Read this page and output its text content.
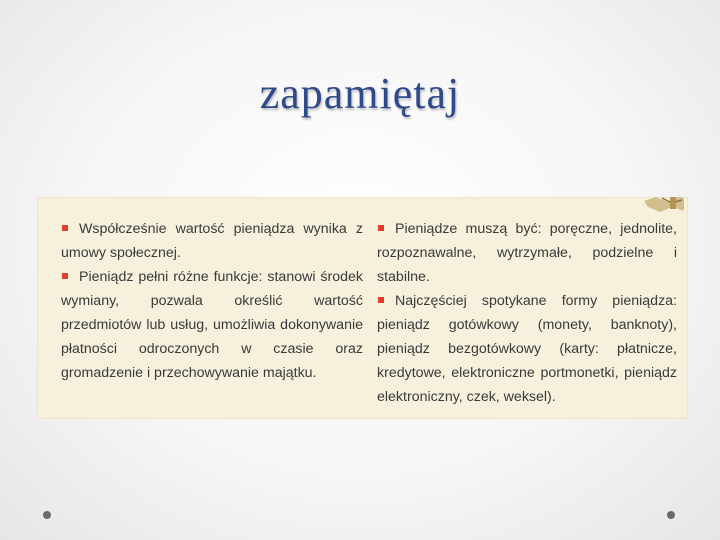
zapamiętaj

Współcześnie wartość pieniądza wynika z umowy społecznej.

Pieniądz pełni różne funkcje: stanowi środek wymiany, pozwala określić wartość przedmiotów lub usług, umożliwia dokonywanie płatności odroczonych w czasie oraz gromadzenie i przechowywanie majątku.

Pieniądze muszą być: poręczne, jednolite, rozpoznawalne, wytrzymałe, podzielne i stabilne.

Najczęściej spotykane formy pieniądza: pieniądz gotówkowy (monety, banknoty), pieniądz bezgotówkowy (karty: płatnicze, kredytowe, elektroniczne portmonetki, pieniądz elektroniczny, czek, weksel).
